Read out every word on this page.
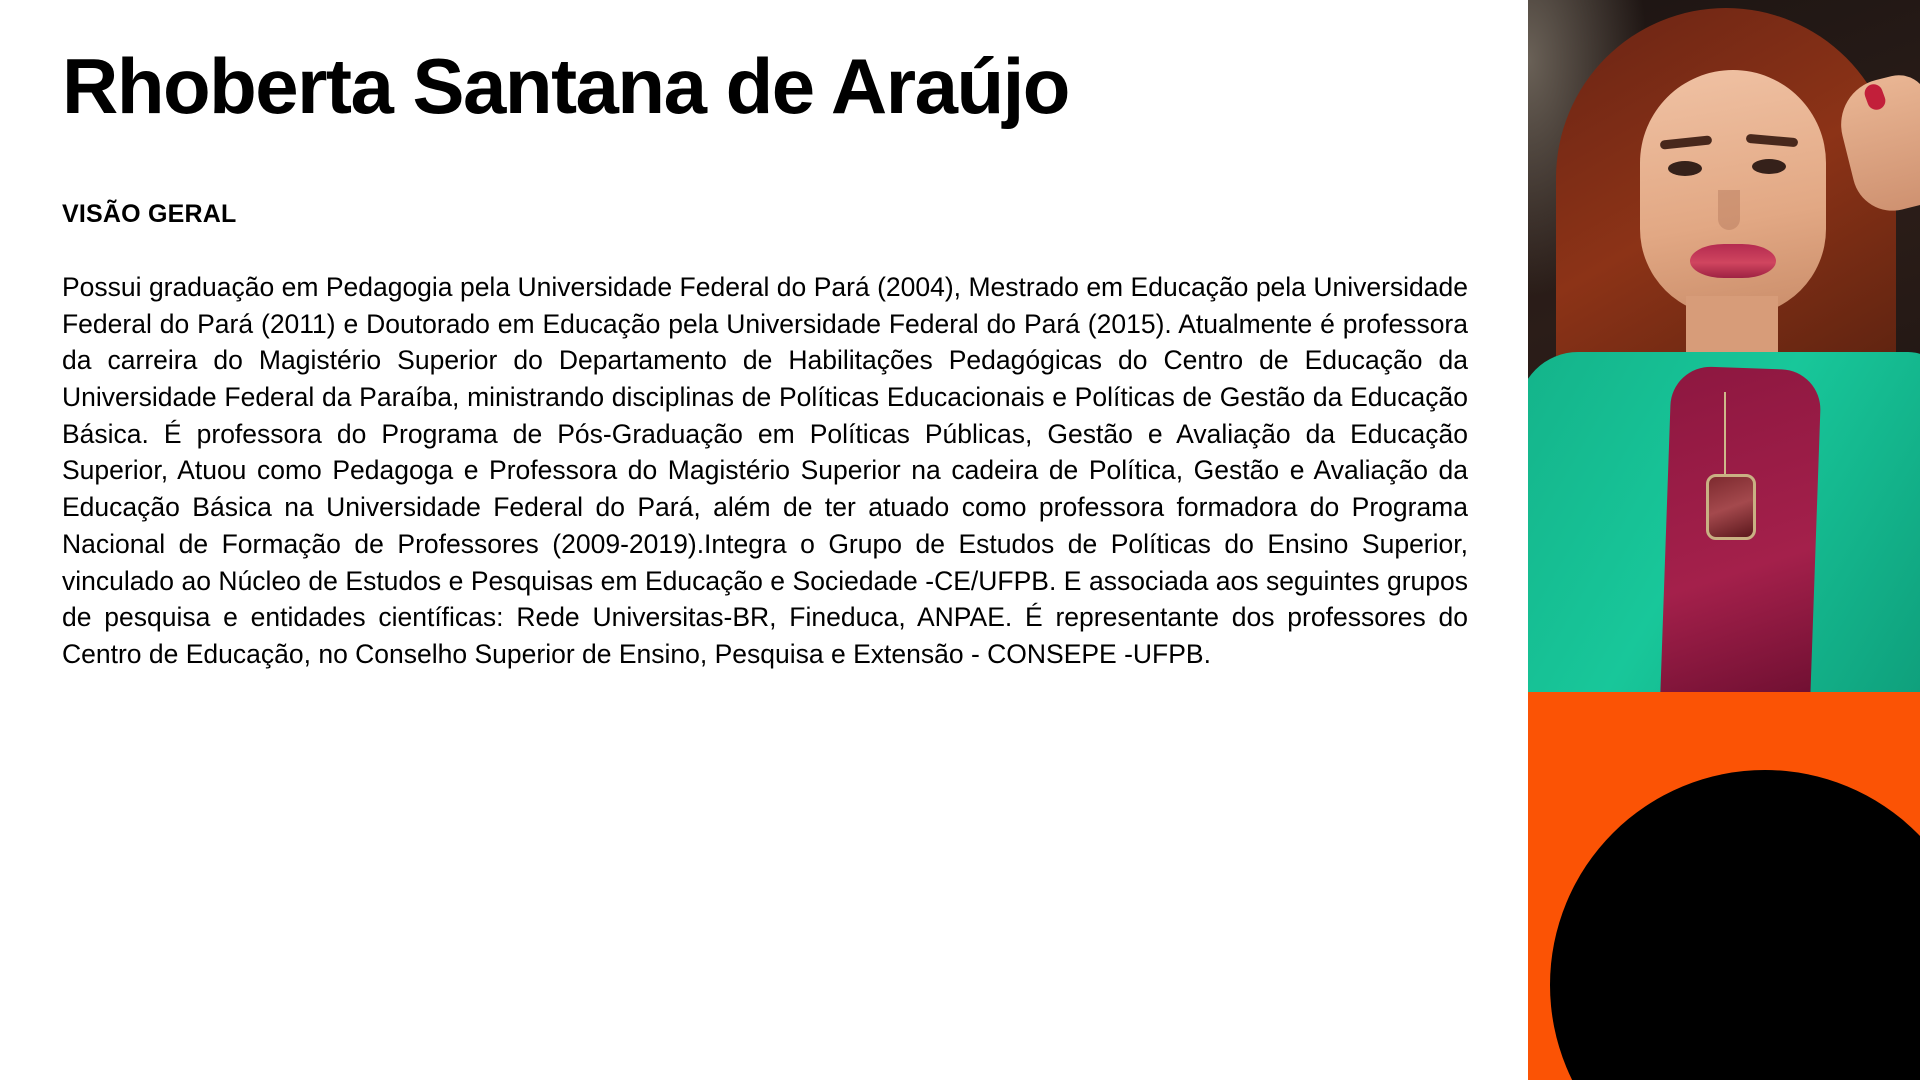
Rhoberta Santana de Araújo
VISÃO GERAL

Possui graduação em Pedagogia pela Universidade Federal do Pará (2004), Mestrado em Educação pela Universidade Federal do Pará (2011) e Doutorado em Educação pela Universidade Federal do Pará (2015). Atualmente é professora da carreira do Magistério Superior do Departamento de Habilitações Pedagógicas do Centro de Educação da Universidade Federal da Paraíba, ministrando disciplinas de Políticas Educacionais e Políticas de Gestão da Educação Básica. É professora do Programa de Pós-Graduação em Políticas Públicas, Gestão e Avaliação da Educação Superior, Atuou como Pedagoga e Professora do Magistério Superior na cadeira de Política, Gestão e Avaliação da Educação Básica na Universidade Federal do Pará, além de ter atuado como professora formadora do Programa Nacional de Formação de Professores (2009-2019).Integra o Grupo de Estudos de Políticas do Ensino Superior, vinculado ao Núcleo de Estudos e Pesquisas em Educação e Sociedade -CE/UFPB. E associada aos seguintes grupos de pesquisa e entidades científicas: Rede Universitas-BR, Fineduca, ANPAE. É representante dos professores do Centro de Educação, no Conselho Superior de Ensino, Pesquisa e Extensão - CONSEPE -UFPB.
